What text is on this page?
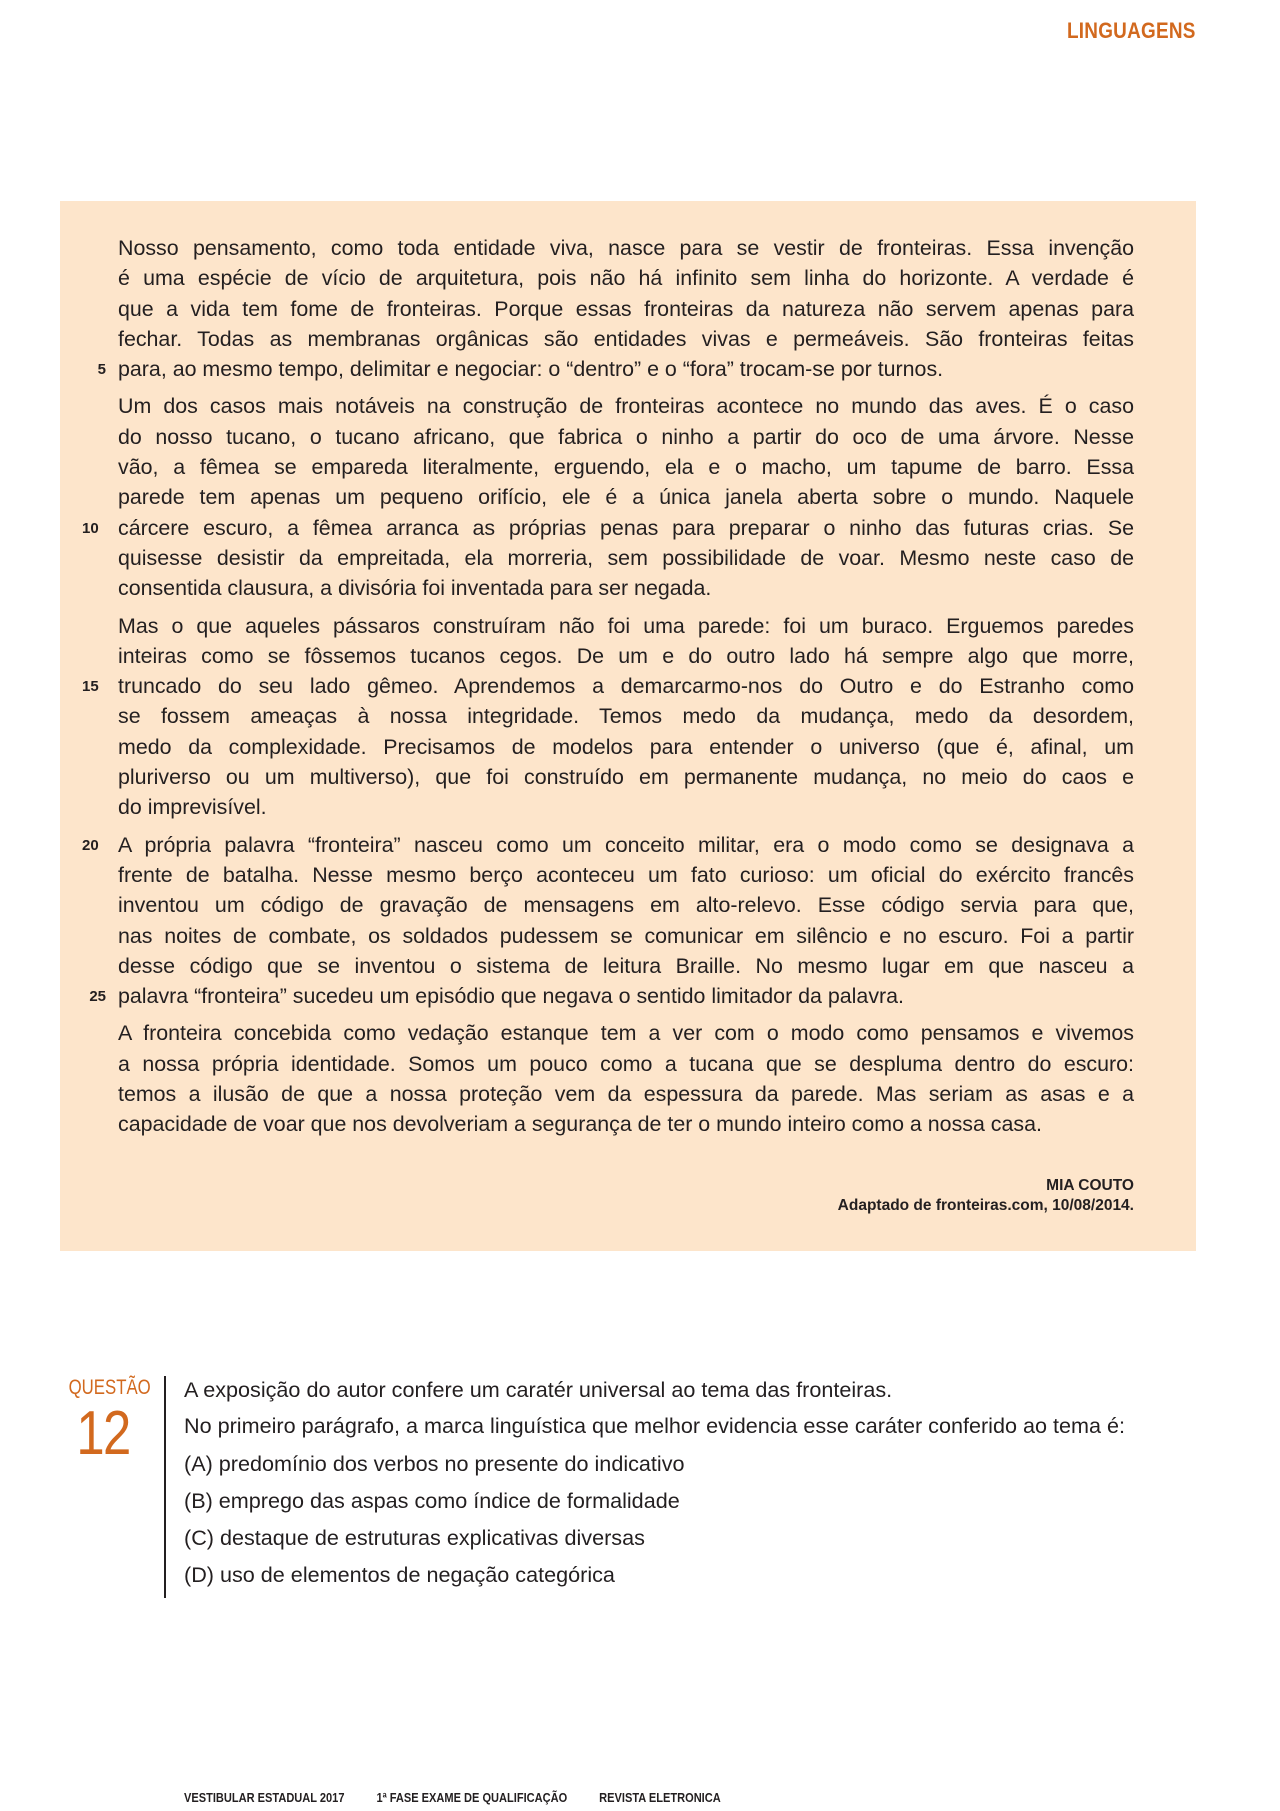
LINGUAGENS
Nosso pensamento, como toda entidade viva, nasce para se vestir de fronteiras. Essa invenção
é uma espécie de vício de arquitetura, pois não há infinito sem linha do horizonte. A verdade é
que a vida tem fome de fronteiras. Porque essas fronteiras da natureza não servem apenas para
fechar. Todas as membranas orgânicas são entidades vivas e permeáveis. São fronteiras feitas
5 para, ao mesmo tempo, delimitar e negociar: o “dentro” e o “fora” trocam-se por turnos.
Um dos casos mais notáveis na construção de fronteiras acontece no mundo das aves. É o caso
do nosso tucano, o tucano africano, que fabrica o ninho a partir do oco de uma árvore. Nesse
vão, a fêmea se empareda literalmente, erguendo, ela e o macho, um tapume de barro. Essa
parede tem apenas um pequeno orifício, ele é a única janela aberta sobre o mundo. Naquele
10 cárcere escuro, a fêmea arranca as próprias penas para preparar o ninho das futuras crias. Se
quisesse desistir da empreitada, ela morreria, sem possibilidade de voar. Mesmo neste caso de
consentida clausura, a divisória foi inventada para ser negada.
Mas o que aqueles pássaros construíram não foi uma parede: foi um buraco. Erguemos paredes
inteiras como se fôssemos tucanos cegos. De um e do outro lado há sempre algo que morre,
15 truncado do seu lado gêmeo. Aprendemos a demarcarmo-nos do Outro e do Estranho como
se fossem ameaças à nossa integridade. Temos medo da mudança, medo da desordem,
medo da complexidade. Precisamos de modelos para entender o universo (que é, afinal, um
pluriverso ou um multiverso), que foi construído em permanente mudança, no meio do caos e
do imprevisível.
20 A própria palavra “fronteira” nasceu como um conceito militar, era o modo como se designava a
frente de batalha. Nesse mesmo berço aconteceu um fato curioso: um oficial do exército francês
inventou um código de gravação de mensagens em alto-relevo. Esse código servia para que,
nas noites de combate, os soldados pudessem se comunicar em silêncio e no escuro. Foi a partir
desse código que se inventou o sistema de leitura Braille. No mesmo lugar em que nasceu a
25 palavra “fronteira” sucedeu um episódio que negava o sentido limitador da palavra.
A fronteira concebida como vedação estanque tem a ver com o modo como pensamos e vivemos
a nossa própria identidade. Somos um pouco como a tucana que se despluma dentro do escuro:
temos a ilusão de que a nossa proteção vem da espessura da parede. Mas seriam as asas e a
capacidade de voar que nos devolveriam a segurança de ter o mundo inteiro como a nossa casa.
MIA COUTO
Adaptado de fronteiras.com, 10/08/2014.
QUESTÃO
12

A exposição do autor confere um caratér universal ao tema das fronteiras.

No primeiro parágrafo, a marca linguística que melhor evidencia esse caráter conferido ao tema é:

(A) predomínio dos verbos no presente do indicativo

(B) emprego das aspas como índice de formalidade

(C) destaque de estruturas explicativas diversas

(D) uso de elementos de negação categórica

VESTIBULAR ESTADUAL 2017 1ª FASE EXAME DE QUALIFICAÇÃO REVISTA ELETRONICA
